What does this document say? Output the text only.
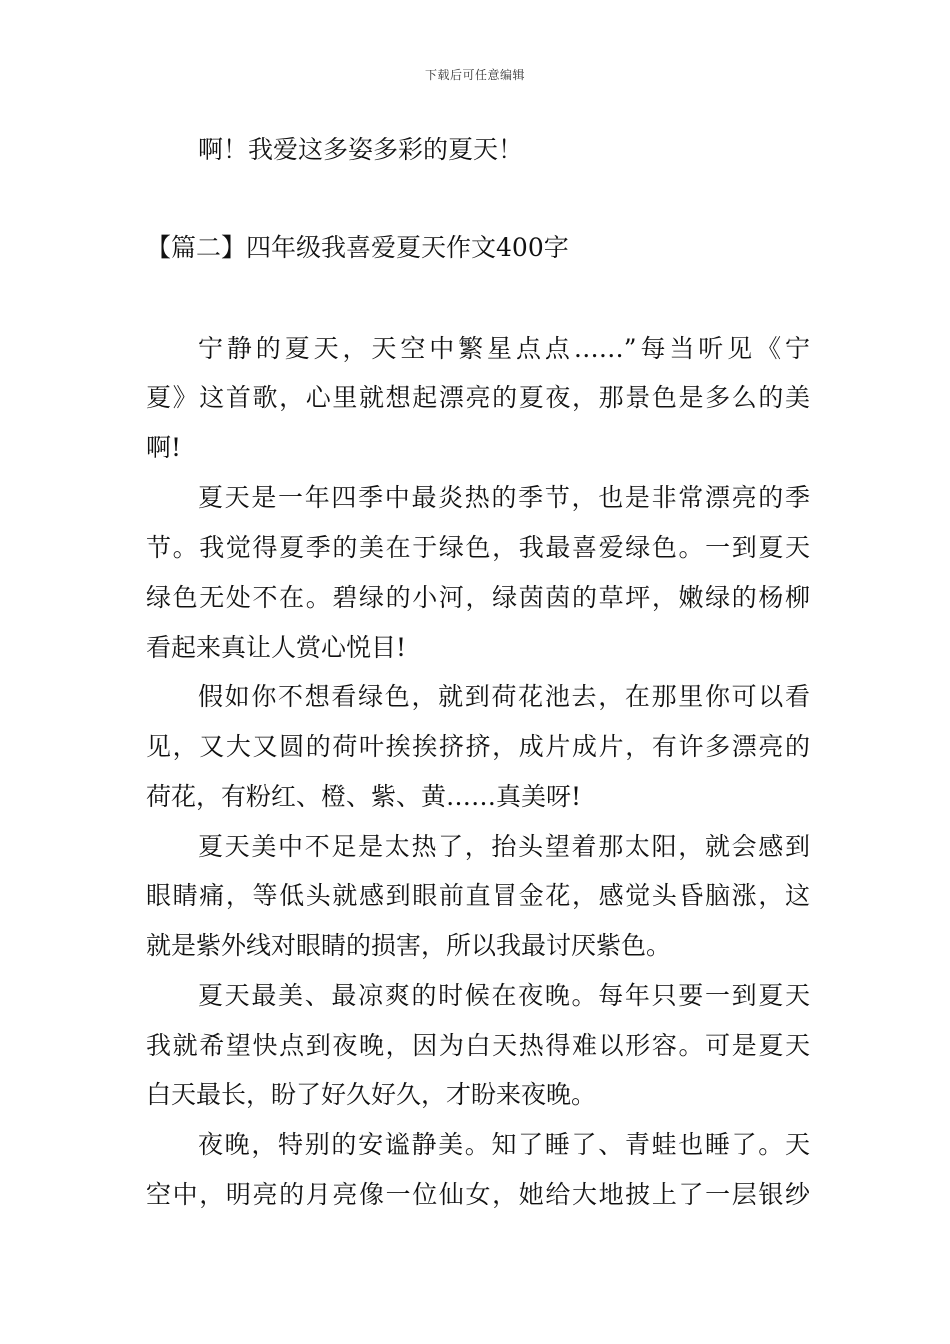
下载后可任意编辑
啊！我爱这多姿多彩的夏天！
【篇二】四年级我喜爱夏天作文400字
宁静的夏天，天空中繁星点点……”每当听见《宁
夏》这首歌，心里就想起漂亮的夏夜，那景色是多么的美
啊!
夏天是一年四季中最炎热的季节，也是非常漂亮的季
节。我觉得夏季的美在于绿色，我最喜爱绿色。一到夏天
绿色无处不在。碧绿的小河，绿茵茵的草坪，嫩绿的杨柳
看起来真让人赏心悦目!
假如你不想看绿色，就到荷花池去，在那里你可以看
见，又大又圆的荷叶挨挨挤挤，成片成片，有许多漂亮的
荷花，有粉红、橙、紫、黄……真美呀!
夏天美中不足是太热了，抬头望着那太阳，就会感到
眼睛痛，等低头就感到眼前直冒金花，感觉头昏脑涨，这
就是紫外线对眼睛的损害，所以我最讨厌紫色。
夏天最美、最凉爽的时候在夜晚。每年只要一到夏天
我就希望快点到夜晚，因为白天热得难以形容。可是夏天
白天最长，盼了好久好久，才盼来夜晚。
夜晚，特别的安谧静美。知了睡了、青蛙也睡了。天
空中，明亮的月亮像一位仙女，她给大地披上了一层银纱
